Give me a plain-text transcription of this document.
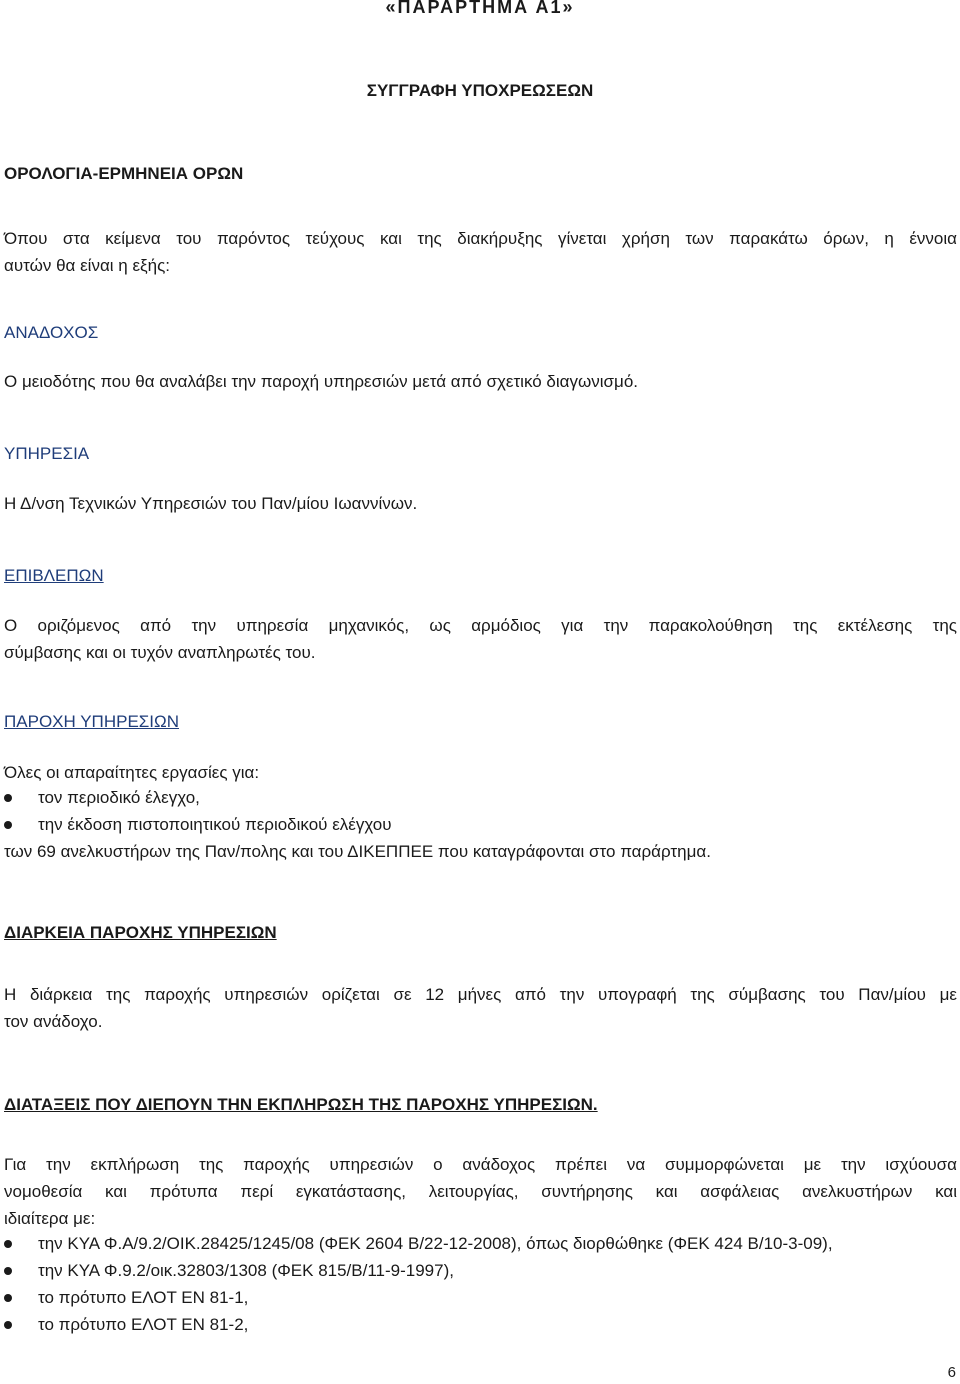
«ΠΑΡΑΡΤΗΜΑ Α1»

ΣΥΓΓΡΑΦΗ ΥΠΟΧΡΕΩΣΕΩΝ

ΟΡΟΛΟΓΙΑ-ΕΡΜΗΝΕΙΑ ΟΡΩΝ

Όπου στα κείμενα του παρόντος τεύχους και της διακήρυξης γίνεται χρήση των παρακάτω όρων, η έννοια
αυτών θα είναι η εξής:

ΑΝΑΔΟΧΟΣ

Ο μειοδότης που θα αναλάβει την παροχή υπηρεσιών μετά από σχετικό διαγωνισμό.

ΥΠΗΡΕΣΙΑ

Η Δ/νση Τεχνικών Υπηρεσιών του Παν/μίου Ιωαννίνων.

ΕΠΙΒΛΕΠΩΝ

Ο οριζόμενος από την υπηρεσία μηχανικός, ως αρμόδιος για την παρακολούθηση της εκτέλεσης της
σύμβασης και οι τυχόν αναπληρωτές του.

ΠΑΡΟΧΗ ΥΠΗΡΕΣΙΩΝ

Όλες οι απαραίτητες εργασίες για:

τον περιοδικό έλεγχο,
την έκδοση πιστοποιητικού περιοδικού ελέγχου

των 69 ανελκυστήρων της Παν/πολης και του ΔΙΚΕΠΠΕΕ που καταγράφονται στο παράρτημα.

ΔΙΑΡΚΕΙΑ ΠΑΡΟΧΗΣ ΥΠΗΡΕΣΙΩΝ

Η διάρκεια της παροχής υπηρεσιών ορίζεται σε 12 μήνες από την υπογραφή της σύμβασης του Παν/μίου με
τον ανάδοχο.

ΔΙΑΤΑΞΕΙΣ ΠΟΥ ΔΙΕΠΟΥΝ ΤΗΝ ΕΚΠΛΗΡΩΣΗ ΤΗΣ ΠΑΡΟΧΗΣ ΥΠΗΡΕΣΙΩΝ.

Για την εκπλήρωση της παροχής υπηρεσιών ο ανάδοχος πρέπει να συμμορφώνεται με την ισχύουσα
νομοθεσία και πρότυπα περί εγκατάστασης, λειτουργίας, συντήρησης και ασφάλειας ανελκυστήρων και
ιδιαίτερα με:
την ΚΥΑ Φ.Α/9.2/ΟΙΚ.28425/1245/08 (ΦΕΚ 2604 Β/22-12-2008), όπως διορθώθηκε (ΦΕΚ 424 Β/10-3-09),
την ΚΥΑ Φ.9.2/οικ.32803/1308 (ΦΕΚ 815/Β/11-9-1997),
το πρότυπο ΕΛΟΤ ΕΝ 81-1,
το πρότυπο ΕΛΟΤ ΕΝ 81-2,

6
